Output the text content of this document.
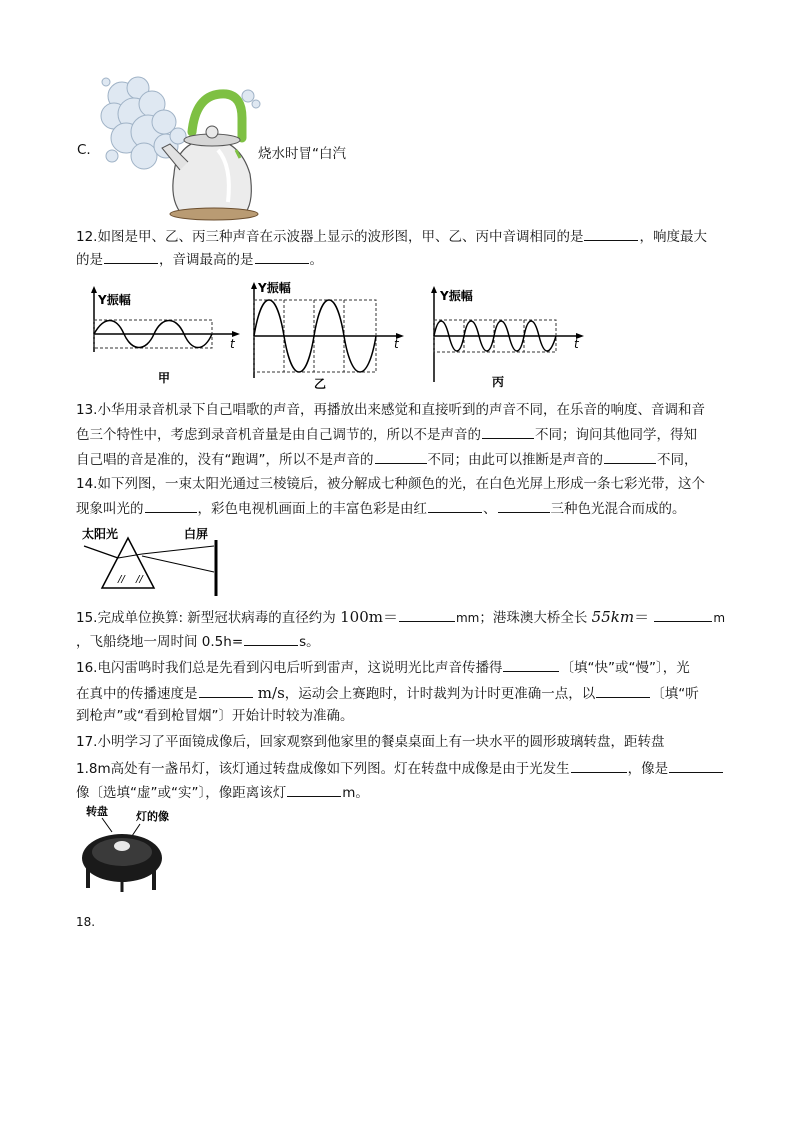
C.	烧水时冒“白汽
12.如图是甲、乙、丙三种声音在示波器上显示的波形图，甲、乙、丙中音调相同的是	，响度最大
的是	，音调最高的是	。
Y振幅
t
甲
Y振幅
t
乙
Y振幅
t
丙
13.小华用录音机录下自己唱歌的声音，再播放出来感觉和直接听到的声音不同，在乐音的响度、音调和音
色三个特性中，考虑到录音机音量是由自己调节的，所以不是声音的	不同；询问其他同学，得知
自己唱的音是准的，没有“跑调”，所以不是声音的	不同；由此可以推断是声音的	不同，
14.如下列图，一束太阳光通过三棱镜后，被分解成七种颜色的光，在白色光屏上形成一条七彩光带，这个
现象叫光的	，彩色电视机画面上的丰富色彩是由红	、	三种色光混合而成的。
太阳光	白屏
// //
15.完成单位换算: 新型冠状病毒的直径约为 100m＝	mm；港珠澳大桥全长 55km＝	m
，飞船绕地一周时间 0.5h=	s。
16.电闪雷鸣时我们总是先看到闪电后听到雷声，这说明光比声音传播得	〔填“快”或“慢”〕，光
在真中的传播速度是	m/s，运动会上赛跑时，计时裁判为计时更准确一点，以	〔填“听
到枪声”或“看到枪冒烟”〕开始计时较为准确。
17.小明学习了平面镜成像后，回家观察到他家里的餐桌桌面上有一块水平的圆形玻璃转盘，距转盘
1.8m高处有一盏吊灯，该灯通过转盘成像如下列图。灯在转盘中成像是由于光发生	，像是
像〔选填“虚”或“实”〕，像距离该灯	m。
转盘	灯的像
18.
